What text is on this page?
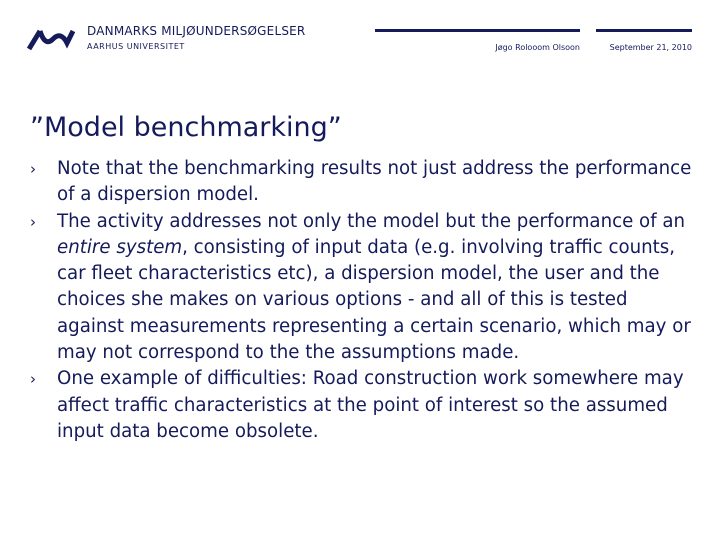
DANMARKS MILJØUNDERSØGELSER
AARHUS UNIVERSITET	Jøgo Rolooom Olsoon	September 21, 2010
”Model benchmarking”
› Note that the benchmarking results not just address the performance of a dispersion model.
› The activity addresses not only the model but the performance of an entire system, consisting of input data (e.g. involving traffic counts, car fleet characteristics etc), a dispersion model, the user and the choices she makes on various options - and all of this is tested against measurements representing a certain scenario, which may or may not correspond to the the assumptions made.
› One example of difficulties: Road construction work somewhere may affect traffic characteristics at the point of interest so the assumed input data become obsolete.
